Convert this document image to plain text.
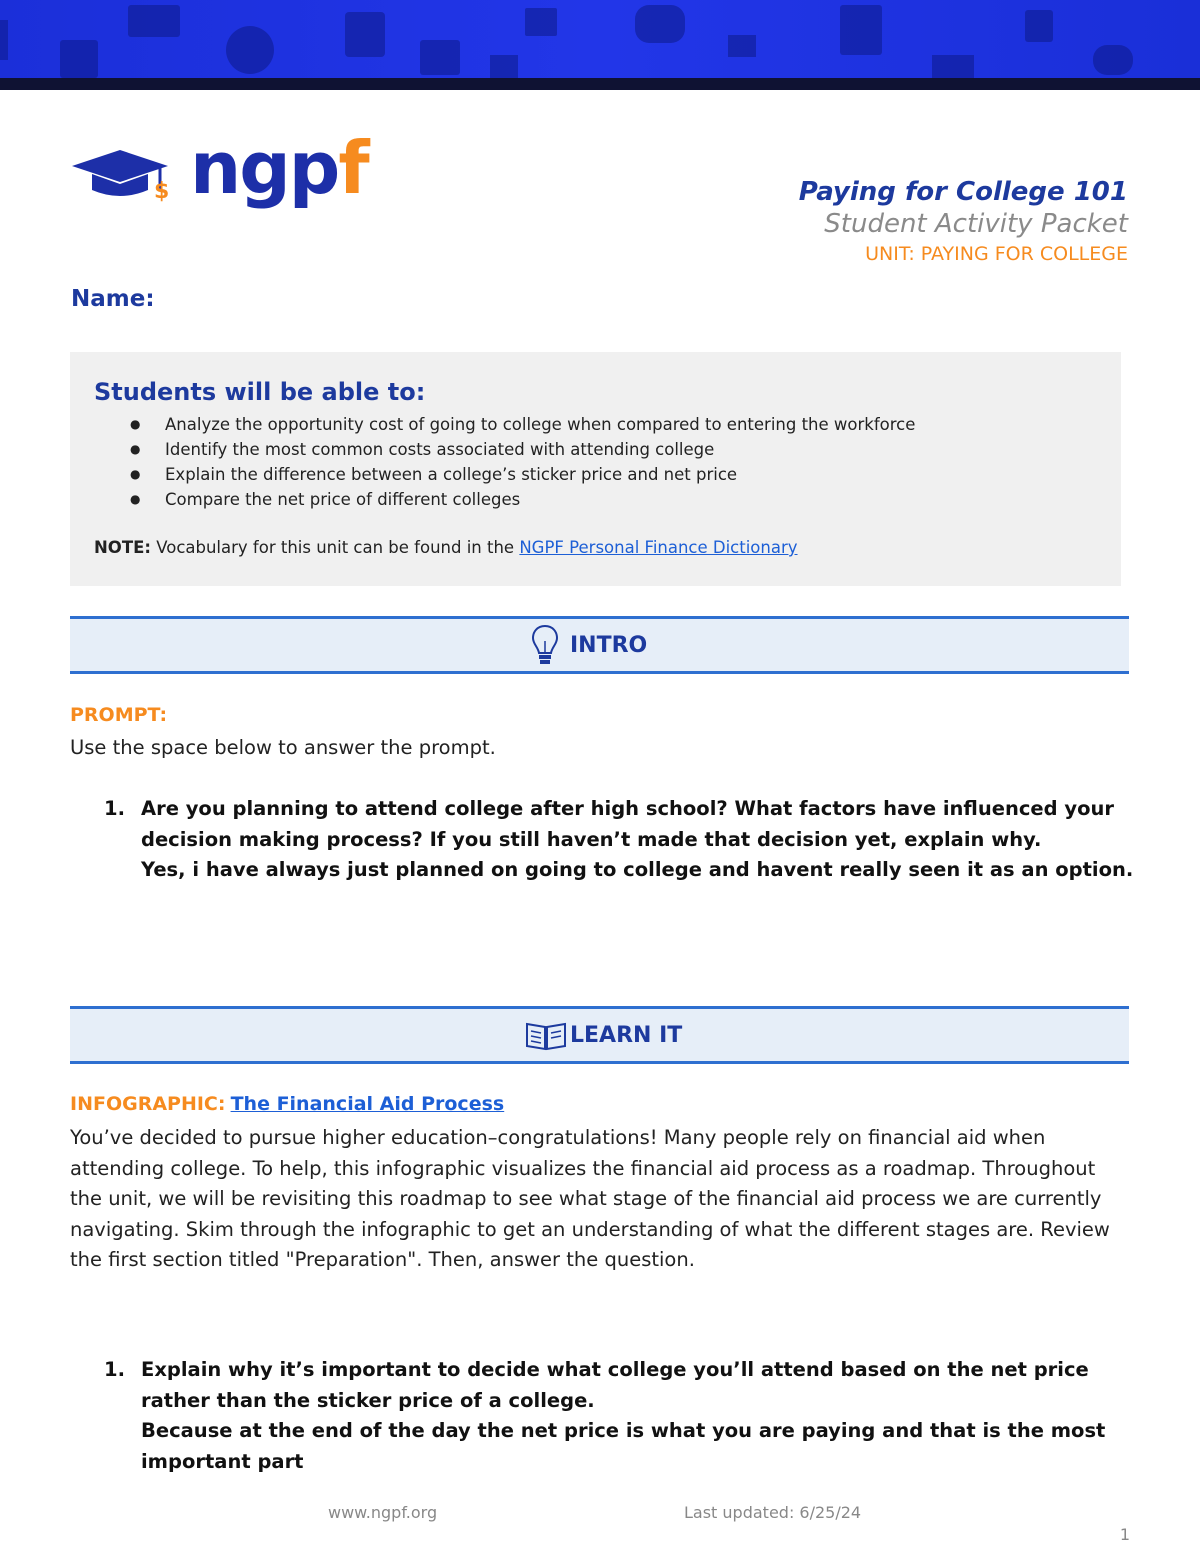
$ ngpf	Paying for College 101
Student Activity Packet
UNIT: PAYING FOR COLLEGE
Name:
Students will be able to:
● Analyze the opportunity cost of going to college when compared to entering the workforce
● Identify the most common costs associated with attending college
● Explain the difference between a college’s sticker price and net price
● Compare the net price of different colleges
NOTE: Vocabulary for this unit can be found in the NGPF Personal Finance Dictionary
INTRO
PROMPT:
Use the space below to answer the prompt.
1. Are you planning to attend college after high school? What factors have influenced your decision making process? If you still haven’t made that decision yet, explain why.
Yes, i have always just planned on going to college and havent really seen it as an option.
LEARN IT
INFOGRAPHIC: The Financial Aid Process
You’ve decided to pursue higher education–congratulations! Many people rely on financial aid when attending college. To help, this infographic visualizes the financial aid process as a roadmap. Throughout the unit, we will be revisiting this roadmap to see what stage of the financial aid process we are currently navigating. Skim through the infographic to get an understanding of what the different stages are. Review the first section titled "Preparation". Then, answer the question.
1. Explain why it’s important to decide what college you’ll attend based on the net price rather than the sticker price of a college.
Because at the end of the day the net price is what you are paying and that is the most important part
www.ngpf.org	Last updated: 6/25/24
1
